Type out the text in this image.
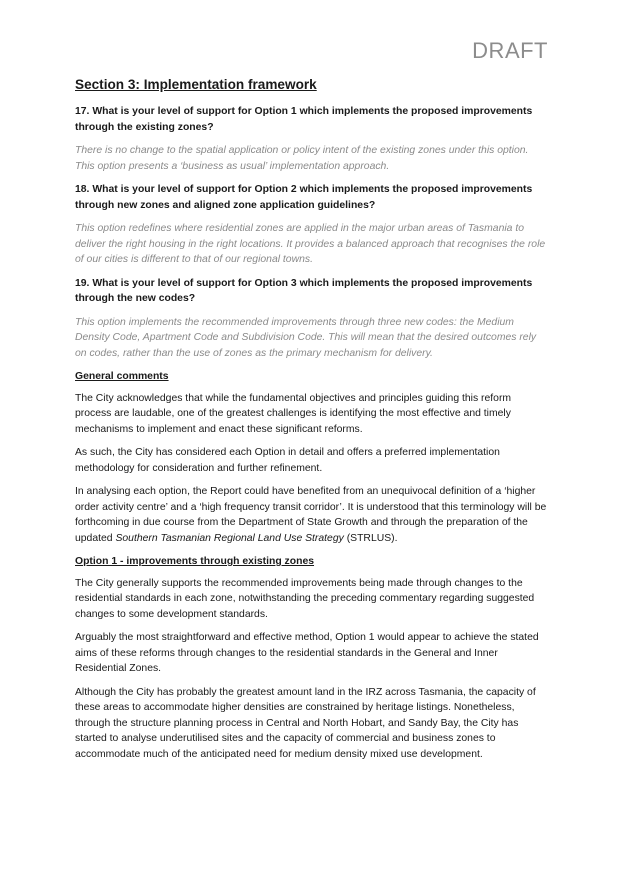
DRAFT
Section 3: Implementation framework

17. What is your level of support for Option 1 which implements the proposed improvements through the existing zones?

There is no change to the spatial application or policy intent of the existing zones under this option. This option presents a ‘business as usual’ implementation approach.

18. What is your level of support for Option 2 which implements the proposed improvements through new zones and aligned zone application guidelines?

This option redefines where residential zones are applied in the major urban areas of Tasmania to deliver the right housing in the right locations. It provides a balanced approach that recognises the role of our cities is different to that of our regional towns.

19. What is your level of support for Option 3 which implements the proposed improvements through the new codes?

This option implements the recommended improvements through three new codes: the Medium Density Code, Apartment Code and Subdivision Code. This will mean that the desired outcomes rely on codes, rather than the use of zones as the primary mechanism for delivery.

General comments

The City acknowledges that while the fundamental objectives and principles guiding this reform process are laudable, one of the greatest challenges is identifying the most effective and timely mechanisms to implement and enact these significant reforms.

As such, the City has considered each Option in detail and offers a preferred implementation methodology for consideration and further refinement.

In analysing each option, the Report could have benefited from an unequivocal definition of a ‘higher order activity centre’ and a ‘high frequency transit corridor’. It is understood that this terminology will be forthcoming in due course from the Department of State Growth and through the preparation of the updated Southern Tasmanian Regional Land Use Strategy (STRLUS).

Option 1 - improvements through existing zones

The City generally supports the recommended improvements being made through changes to the residential standards in each zone, notwithstanding the preceding commentary regarding suggested changes to some development standards.

Arguably the most straightforward and effective method, Option 1 would appear to achieve the stated aims of these reforms through changes to the residential standards in the General and Inner Residential Zones.

Although the City has probably the greatest amount land in the IRZ across Tasmania, the capacity of these areas to accommodate higher densities are constrained by heritage listings. Nonetheless, through the structure planning process in Central and North Hobart, and Sandy Bay, the City has started to analyse underutilised sites and the capacity of commercial and business zones to accommodate much of the anticipated need for medium density mixed use development.
